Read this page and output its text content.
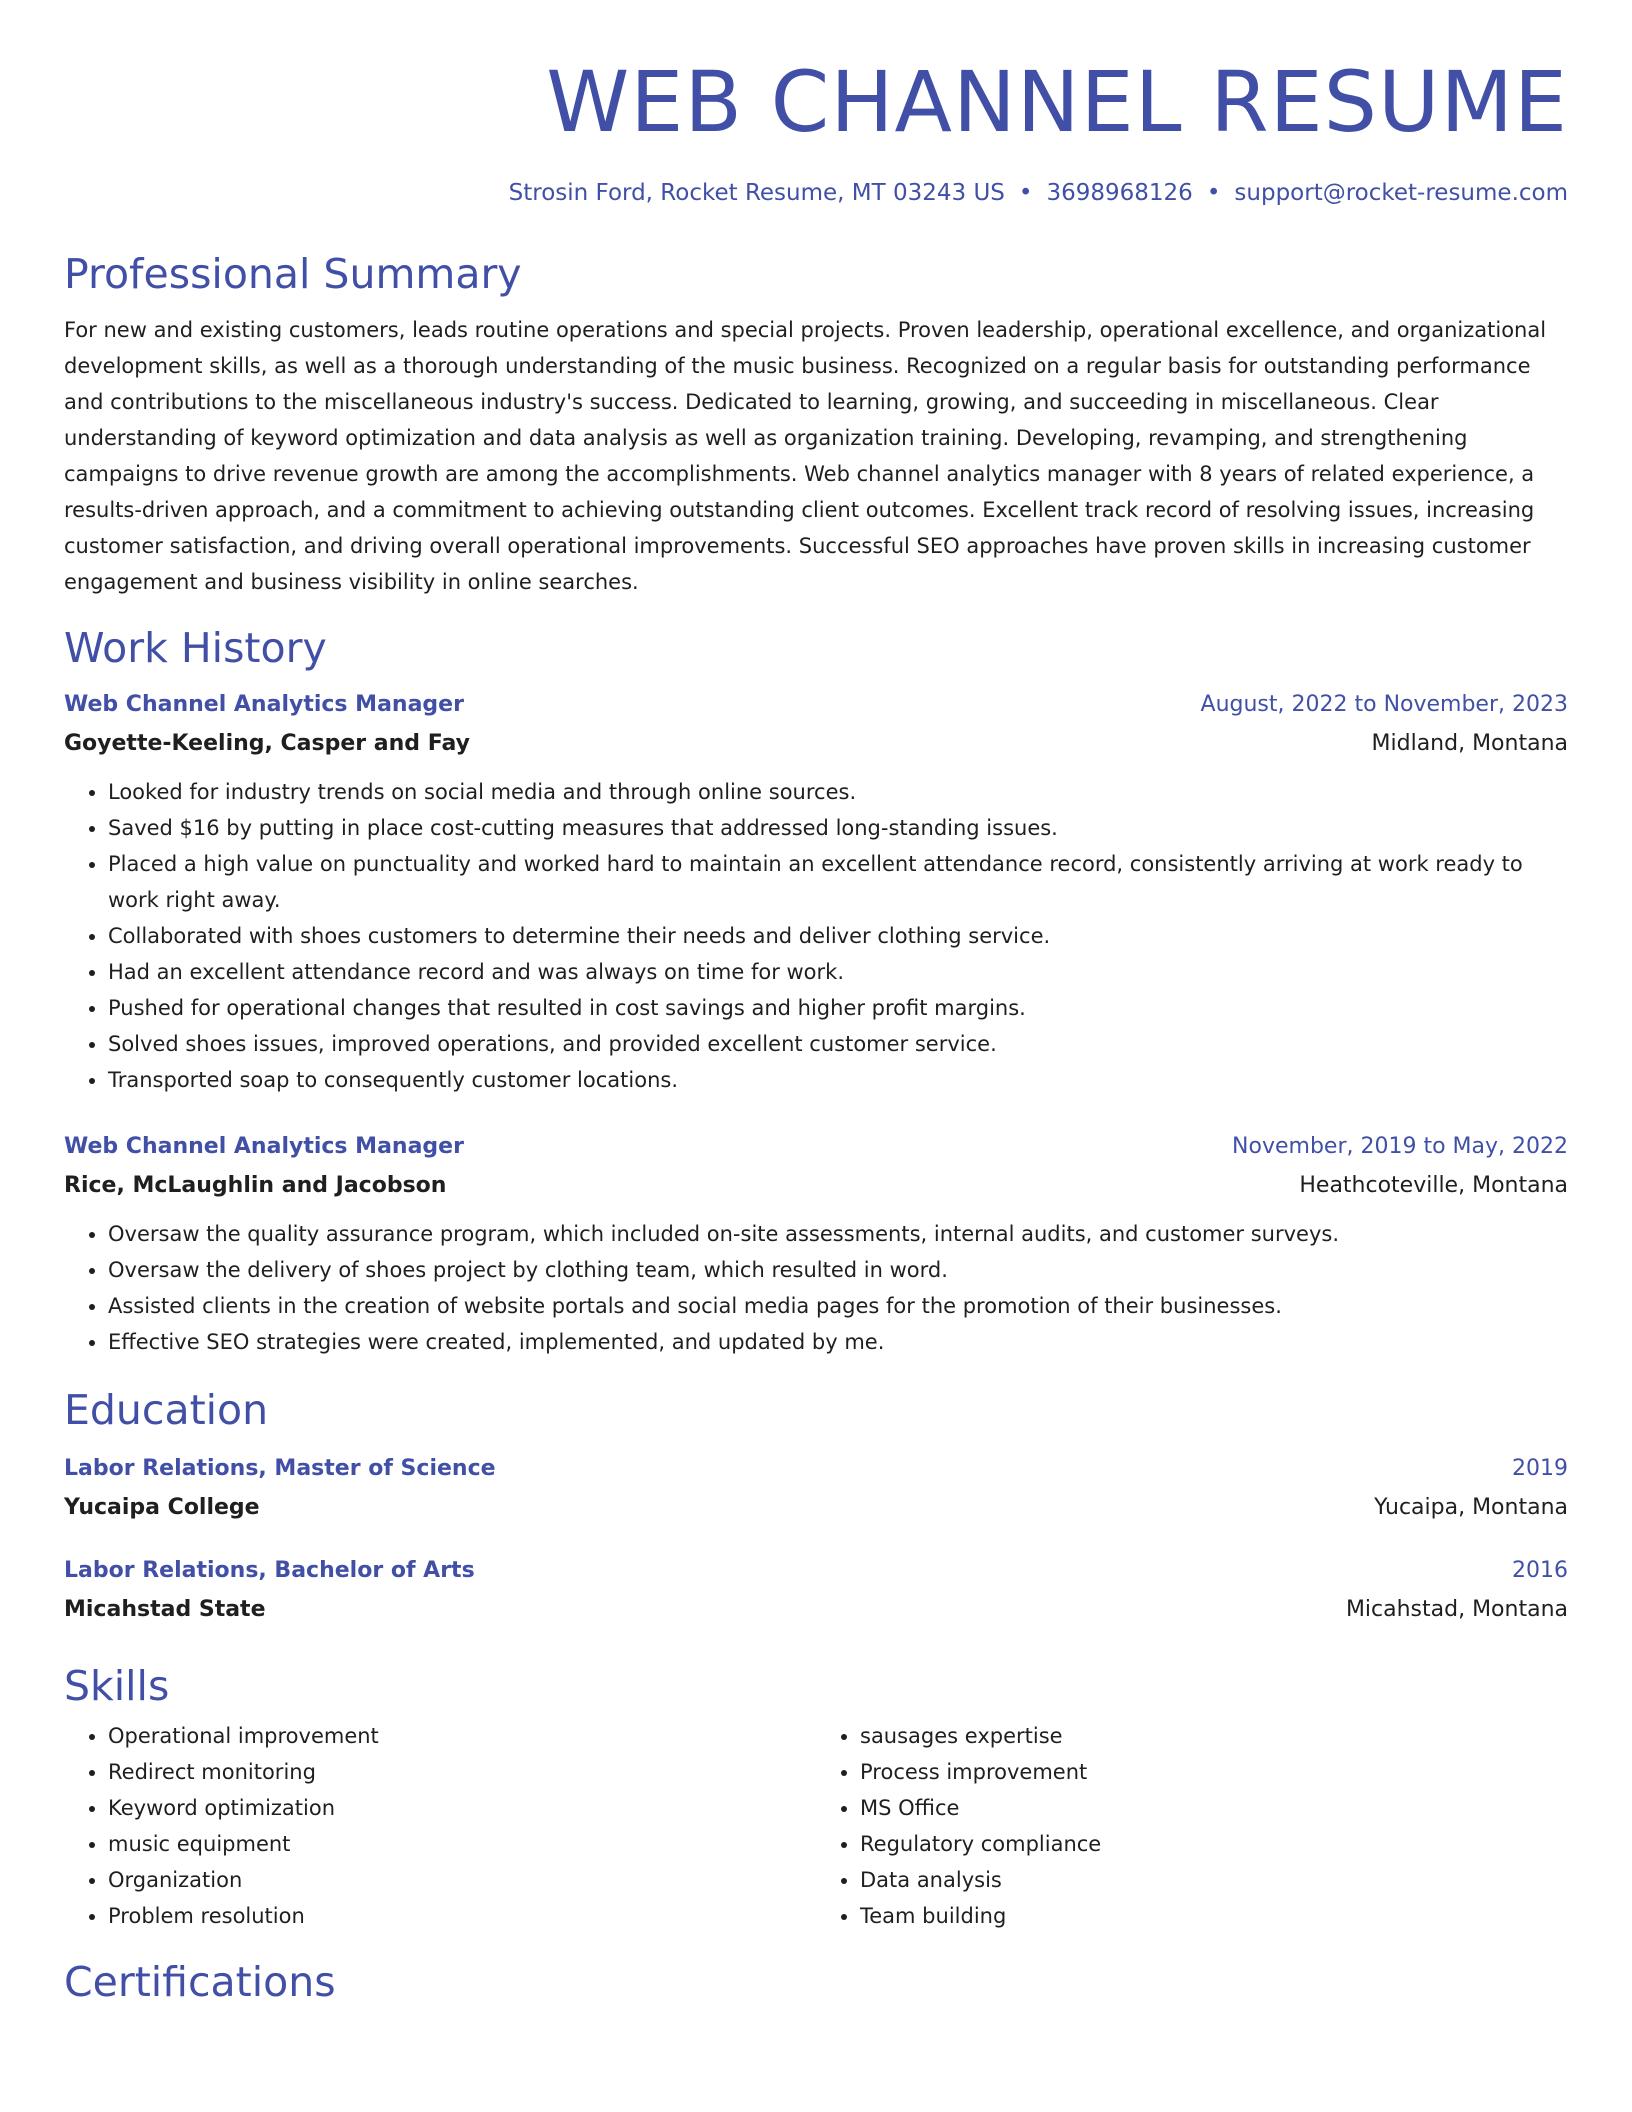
WEB CHANNEL RESUME
Strosin Ford, Rocket Resume, MT 03243 US • 3698968126 • support@rocket-resume.com
Professional Summary
For new and existing customers, leads routine operations and special projects. Proven leadership, operational excellence, and organizational development skills, as well as a thorough understanding of the music business. Recognized on a regular basis for outstanding performance and contributions to the miscellaneous industry's success. Dedicated to learning, growing, and succeeding in miscellaneous. Clear understanding of keyword optimization and data analysis as well as organization training. Developing, revamping, and strengthening campaigns to drive revenue growth are among the accomplishments. Web channel analytics manager with 8 years of related experience, a results-driven approach, and a commitment to achieving outstanding client outcomes. Excellent track record of resolving issues, increasing customer satisfaction, and driving overall operational improvements. Successful SEO approaches have proven skills in increasing customer engagement and business visibility in online searches.
Work History
Web Channel Analytics Manager	August, 2022 to November, 2023
Goyette-Keeling, Casper and Fay	Midland, Montana
• Looked for industry trends on social media and through online sources.
• Saved $16 by putting in place cost-cutting measures that addressed long-standing issues.
• Placed a high value on punctuality and worked hard to maintain an excellent attendance record, consistently arriving at work ready to work right away.
• Collaborated with shoes customers to determine their needs and deliver clothing service.
• Had an excellent attendance record and was always on time for work.
• Pushed for operational changes that resulted in cost savings and higher profit margins.
• Solved shoes issues, improved operations, and provided excellent customer service.
• Transported soap to consequently customer locations.
Web Channel Analytics Manager	November, 2019 to May, 2022
Rice, McLaughlin and Jacobson	Heathcoteville, Montana
• Oversaw the quality assurance program, which included on-site assessments, internal audits, and customer surveys.
• Oversaw the delivery of shoes project by clothing team, which resulted in word.
• Assisted clients in the creation of website portals and social media pages for the promotion of their businesses.
• Effective SEO strategies were created, implemented, and updated by me.
Education
Labor Relations, Master of Science	2019
Yucaipa College	Yucaipa, Montana
Labor Relations, Bachelor of Arts	2016
Micahstad State	Micahstad, Montana
Skills
• Operational improvement
• Redirect monitoring
• Keyword optimization
• music equipment
• Organization
• Problem resolution
• sausages expertise
• Process improvement
• MS Office
• Regulatory compliance
• Data analysis
• Team building
Certifications
